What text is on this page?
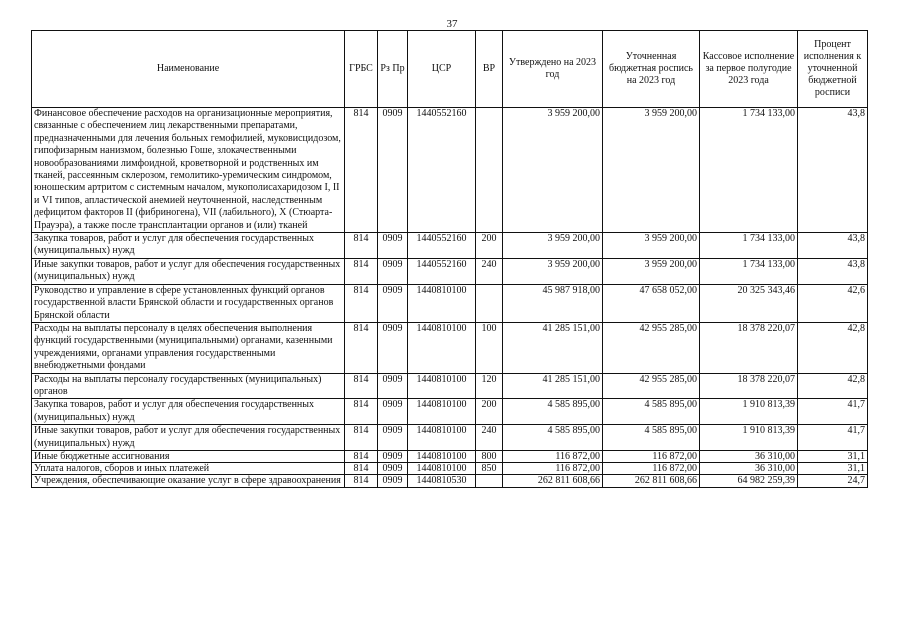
37
Наименование	ГРБС	Рз Пр	ЦСР	ВР	Утверждено на 2023 год	Уточненная бюджетная роспись на 2023 год	Кассовое исполнение за первое полугодие 2023 года	Процент исполнения к уточненной бюджетной росписи
Финансовое обеспечение расходов на организационные мероприятия, связанные с обеспечением лиц лекарственными препаратами, предназначенными для лечения больных гемофилией, муковисцидозом, гипофизарным нанизмом, болезнью Гоше, злокачественными новообразованиями лимфоидной, кроветворной и родственных им тканей, рассеянным склерозом, гемолитико-уремическим синдромом, юношеским артритом с системным началом, мукополисахаридозом I, II и VI типов, апластической анемией неуточненной, наследственным дефицитом факторов II (фибриногена), VII (лабильного), X (Стюарта-Прауэра), а также после трансплантации органов и (или) тканей	814	0909	1440552160		3 959 200,00	3 959 200,00	1 734 133,00	43,8
Закупка товаров, работ и услуг для обеспечения государственных (муниципальных) нужд	814	0909	1440552160	200	3 959 200,00	3 959 200,00	1 734 133,00	43,8
Иные закупки товаров, работ и услуг для обеспечения государственных (муниципальных) нужд	814	0909	1440552160	240	3 959 200,00	3 959 200,00	1 734 133,00	43,8
Руководство и управление в сфере установленных функций органов государственной власти Брянской области и государственных органов Брянской области	814	0909	1440810100		45 987 918,00	47 658 052,00	20 325 343,46	42,6
Расходы на выплаты персоналу в целях обеспечения выполнения функций государственными (муниципальными) органами, казенными учреждениями, органами управления государственными внебюджетными фондами	814	0909	1440810100	100	41 285 151,00	42 955 285,00	18 378 220,07	42,8
Расходы на выплаты персоналу государственных (муниципальных) органов	814	0909	1440810100	120	41 285 151,00	42 955 285,00	18 378 220,07	42,8
Закупка товаров, работ и услуг для обеспечения государственных (муниципальных) нужд	814	0909	1440810100	200	4 585 895,00	4 585 895,00	1 910 813,39	41,7
Иные закупки товаров, работ и услуг для обеспечения государственных (муниципальных) нужд	814	0909	1440810100	240	4 585 895,00	4 585 895,00	1 910 813,39	41,7
Иные бюджетные ассигнования	814	0909	1440810100	800	116 872,00	116 872,00	36 310,00	31,1
Уплата налогов, сборов и иных платежей	814	0909	1440810100	850	116 872,00	116 872,00	36 310,00	31,1
Учреждения, обеспечивающие оказание услуг в сфере здравоохранения	814	0909	1440810530		262 811 608,66	262 811 608,66	64 982 259,39	24,7
